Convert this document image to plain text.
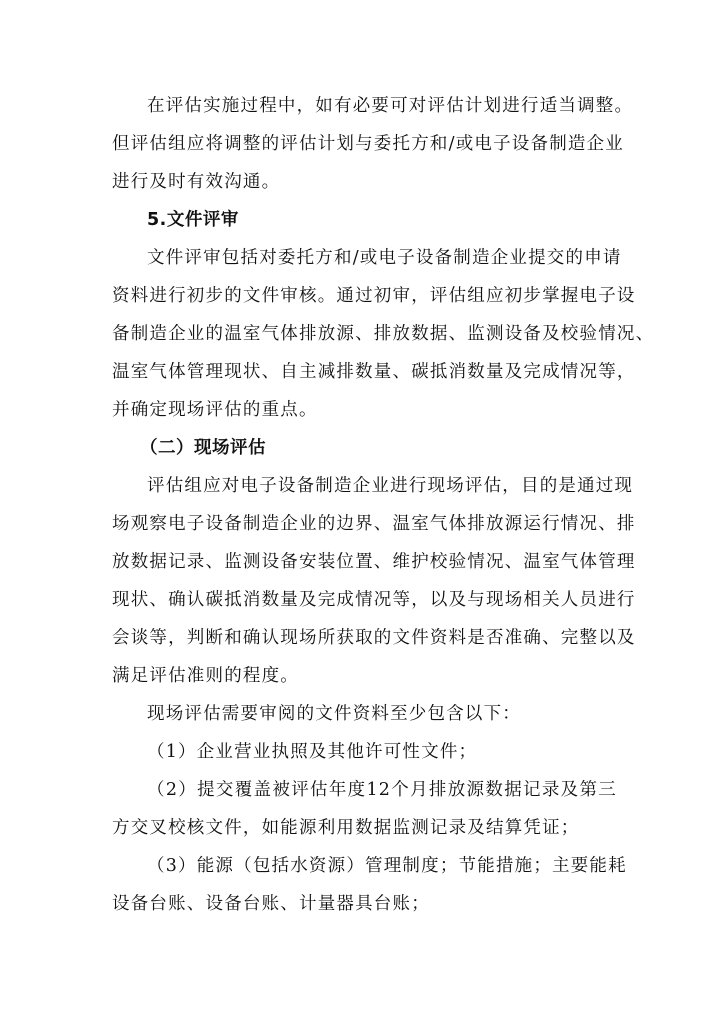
在评估实施过程中，如有必要可对评估计划进行适当调整。
但评估组应将调整的评估计划与委托方和/或电子设备制造企业
进行及时有效沟通。
5.文件评审
文件评审包括对委托方和/或电子设备制造企业提交的申请
资料进行初步的文件审核。通过初审，评估组应初步掌握电子设
备制造企业的温室气体排放源、排放数据、监测设备及校验情况、
温室气体管理现状、自主减排数量、碳抵消数量及完成情况等，
并确定现场评估的重点。
（二）现场评估
评估组应对电子设备制造企业进行现场评估，目的是通过现
场观察电子设备制造企业的边界、温室气体排放源运行情况、排
放数据记录、监测设备安装位置、维护校验情况、温室气体管理
现状、确认碳抵消数量及完成情况等，以及与现场相关人员进行
会谈等，判断和确认现场所获取的文件资料是否准确、完整以及
满足评估准则的程度。
现场评估需要审阅的文件资料至少包含以下：
（1）企业营业执照及其他许可性文件；
（2）提交覆盖被评估年度12个月排放源数据记录及第三
方交叉校核文件，如能源利用数据监测记录及结算凭证；
（3）能源（包括水资源）管理制度；节能措施；主要能耗
设备台账、设备台账、计量器具台账；
